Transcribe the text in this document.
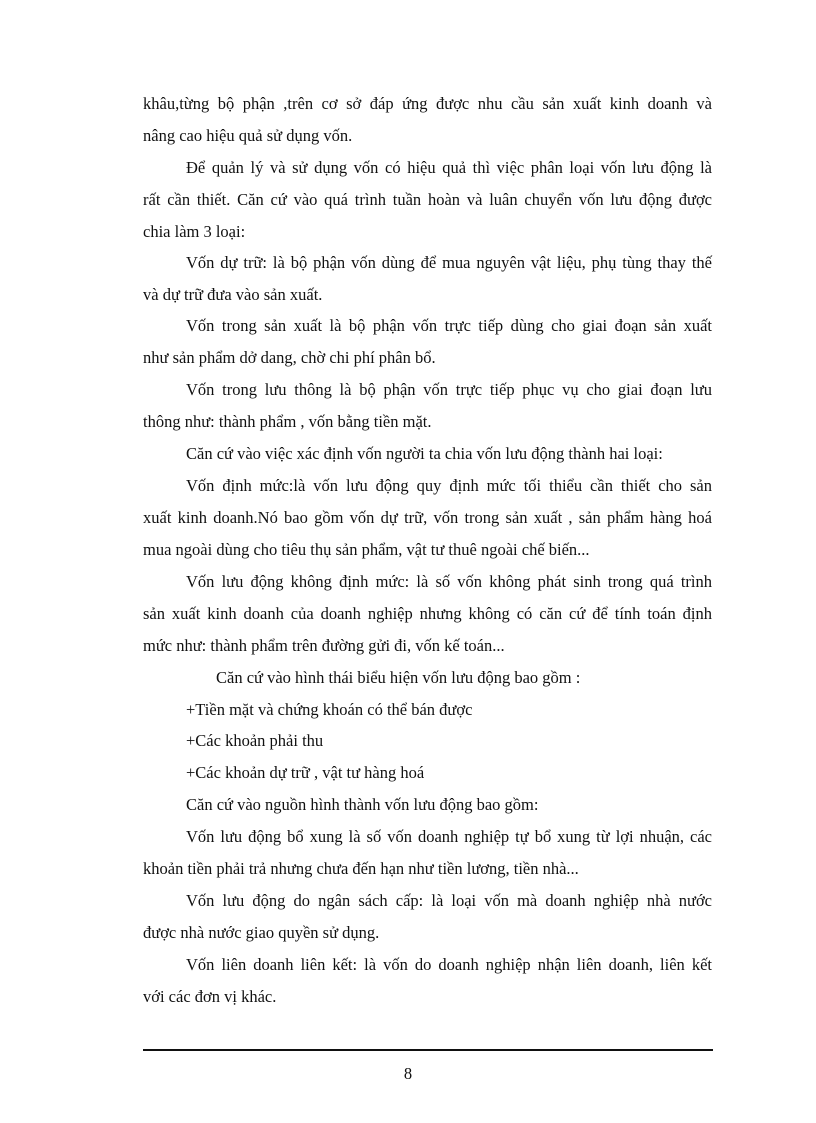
khâu,từng bộ phận ,trên cơ sở đáp ứng được nhu cầu sản xuất kinh doanh và

nâng cao hiệu quả sử dụng vốn.

Để quản lý và sử dụng vốn có hiệu quả thì việc phân loại vốn lưu động là

rất cần thiết. Căn cứ vào quá trình tuần hoàn và luân chuyển vốn lưu động được

chia làm 3 loại:

Vốn dự trữ: là bộ phận vốn dùng để mua nguyên vật liệu, phụ tùng thay thế

và dự trữ đưa vào sản xuất.

Vốn trong sản xuất là bộ phận vốn trực tiếp dùng cho giai đoạn sản xuất

như sản phẩm dở dang, chờ chi phí phân bổ.

Vốn trong lưu thông là bộ phận vốn trực tiếp phục vụ cho giai đoạn lưu

thông như: thành phẩm , vốn bằng tiền mặt.

Căn cứ vào việc xác định vốn người ta chia vốn lưu động thành hai loại:

Vốn định mức:là vốn lưu động quy định mức tối thiểu cần thiết cho sản

xuất kinh doanh.Nó bao gồm vốn dự trữ, vốn trong sản xuất , sản phẩm hàng hoá

mua ngoài dùng cho tiêu thụ sản phẩm, vật tư thuê ngoài chế biến...

Vốn lưu động không định mức: là số vốn không phát sinh trong quá trình

sản xuất kinh doanh của doanh nghiệp nhưng không có căn cứ để tính toán định

mức như: thành phẩm trên đường gửi đi, vốn kế toán...

Căn cứ vào hình thái biểu hiện vốn lưu động bao gồm :

+Tiền mặt và chứng khoán có thể bán được

+Các khoản phải thu

+Các khoản dự trữ , vật tư hàng hoá

Căn cứ vào nguồn hình thành vốn lưu động bao gồm:

Vốn lưu động bổ xung là số vốn doanh nghiệp tự bổ xung từ lợi nhuận, các

khoản tiền phải trả nhưng chưa đến hạn như tiền lương, tiền nhà...

Vốn lưu động do ngân sách cấp: là loại vốn mà doanh nghiệp nhà nước

được nhà nước giao quyền sử dụng.

Vốn liên doanh liên kết: là vốn do doanh nghiệp nhận liên doanh, liên kết

với các đơn vị khác.

8
